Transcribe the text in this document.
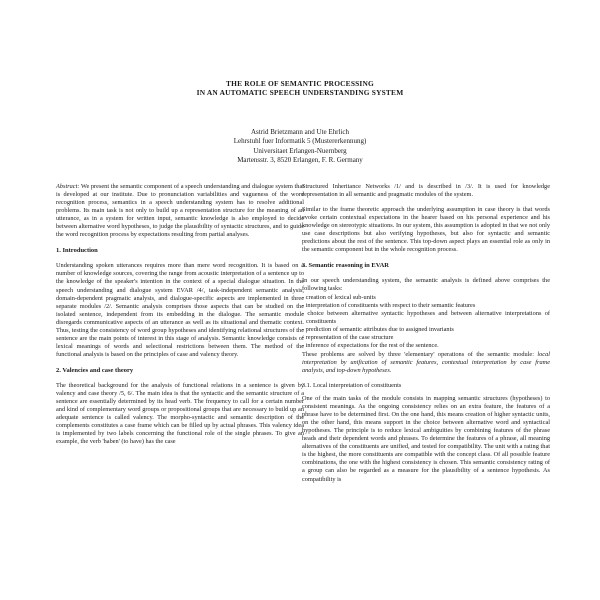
THE ROLE OF SEMANTIC PROCESSING
IN AN AUTOMATIC SPEECH UNDERSTANDING SYSTEM
Astrid Brietzmann and Ute Ehrlich
Lehrstuhl fuer Informatik 5 (Mustererkennung)
Universitaet Erlangen-Nuernberg
Martensstr. 3, 8520 Erlangen, F. R. Germany

Abstract: We present the semantic component of a speech understanding and dialogue system that is developed at our institute. Due to pronunciation variabilities and vagueness of the word recognition process, semantics in a speech understanding system has to resolve additional problems. Its main task is not only to build up a representation structure for the meaning of an utterance, as in a system for written input, semantic knowledge is also employed to decide between alternative word hypotheses, to judge the plausibility of syntactic structures, and to guide the word recognition process by expectations resulting from partial analyses.

1. Introduction

Understanding spoken utterances requires more than mere word recognition. It is based on a number of knowledge sources, covering the range from acoustic interpretation of a sentence up to the knowledge of the speaker's intention in the context of a special dialogue situation. In the speech understanding and dialogue system EVAR /4/, task-independent semantic analysis, domain-dependent pragmatic analysis, and dialogue-specific aspects are implemented in three separate modules /2/. Semantic analysis comprises those aspects that can be studied on the isolated sentence, independent from its embedding in the dialogue. The semantic module disregards communicative aspects of an utterance as well as its situational and thematic context. Thus, testing the consistency of word group hypotheses and identifying relational structures of the sentence are the main points of interest in this stage of analysis. Semantic knowledge consists of lexical meanings of words and selectional restrictions between them. The method of the functional analysis is based on the principles of case and valency theory.

2. Valencies and case theory

The theoretical background for the analysis of functional relations in a sentence is given by valency and case theory /5, 6/. The main idea is that the syntactic and the semantic structure of a sentence are essentially determined by its head verb. The frequency to call for a certain number and kind of complementary word groups or propositional groups that are necessary to build up an adequate sentence is called valency. The morpho-syntactic and semantic description of the complements constitutes a case frame which can be filled up by actual phrases. This valency idea is implemented by two labels concerning the functional role of the single phrases. To give an example, the verb 'haben' (to have) has the case

Structured Inheritance Networks /1/ and is described in /3/. It is used for knowledge representation in all semantic and pragmatic modules of the system.

Similar to the frame theoretic approach the underlying assumption in case theory is that words evoke certain contextual expectations in the hearer based on his personal experience and his knowledge on stereotypic situations. In our system, this assumption is adopted in that we not only use case descriptions but also verifying hypotheses, but also for syntactic and semantic predictions about the rest of the sentence. This top-down aspect plays an essential role as only in the semantic component but in the whole recognition process.

3. Semantic reasoning in EVAR

In our speech understanding system, the semantic analysis is defined above comprises the following tasks:

- creation of lexical sub-units
- interpretation of constituents with respect to their semantic features
- choice between alternative syntactic hypotheses and between alternative interpretations of constituents
- prediction of semantic attributes due to assigned invariants
- representation of the case structure
- inference of expectations for the rest of the sentence.

These problems are solved by three 'elementary' operations of the semantic module: local interpretation by unification of semantic features, contextual interpretation by case frame analysis, and top-down hypotheses.

3.1. Local interpretation of constituents

One of the main tasks of the module consists in mapping semantic structures (hypotheses) to consistent meanings. As the ongoing consistency relies on an extra feature, the features of a phrase have to be determined first. On the one hand, this means creation of higher syntactic units, on the other hand, this means support in the choice between alternative word and syntactical hypotheses. The principle is to reduce lexical ambiguities by combining features of the phrase heads and their dependent words and phrases. To determine the features of a phrase, all meaning alternatives of the constituents are unified, and tested for compatibility. The unit with a rating that is the highest, the more constituents are compatible with the concept class. Of all possible feature combinations, the one with the highest consistency is chosen. This semantic consistency rating of a group can also be regarded as a measure for the plausibility of a sentence hypothesis. As compatibility is
